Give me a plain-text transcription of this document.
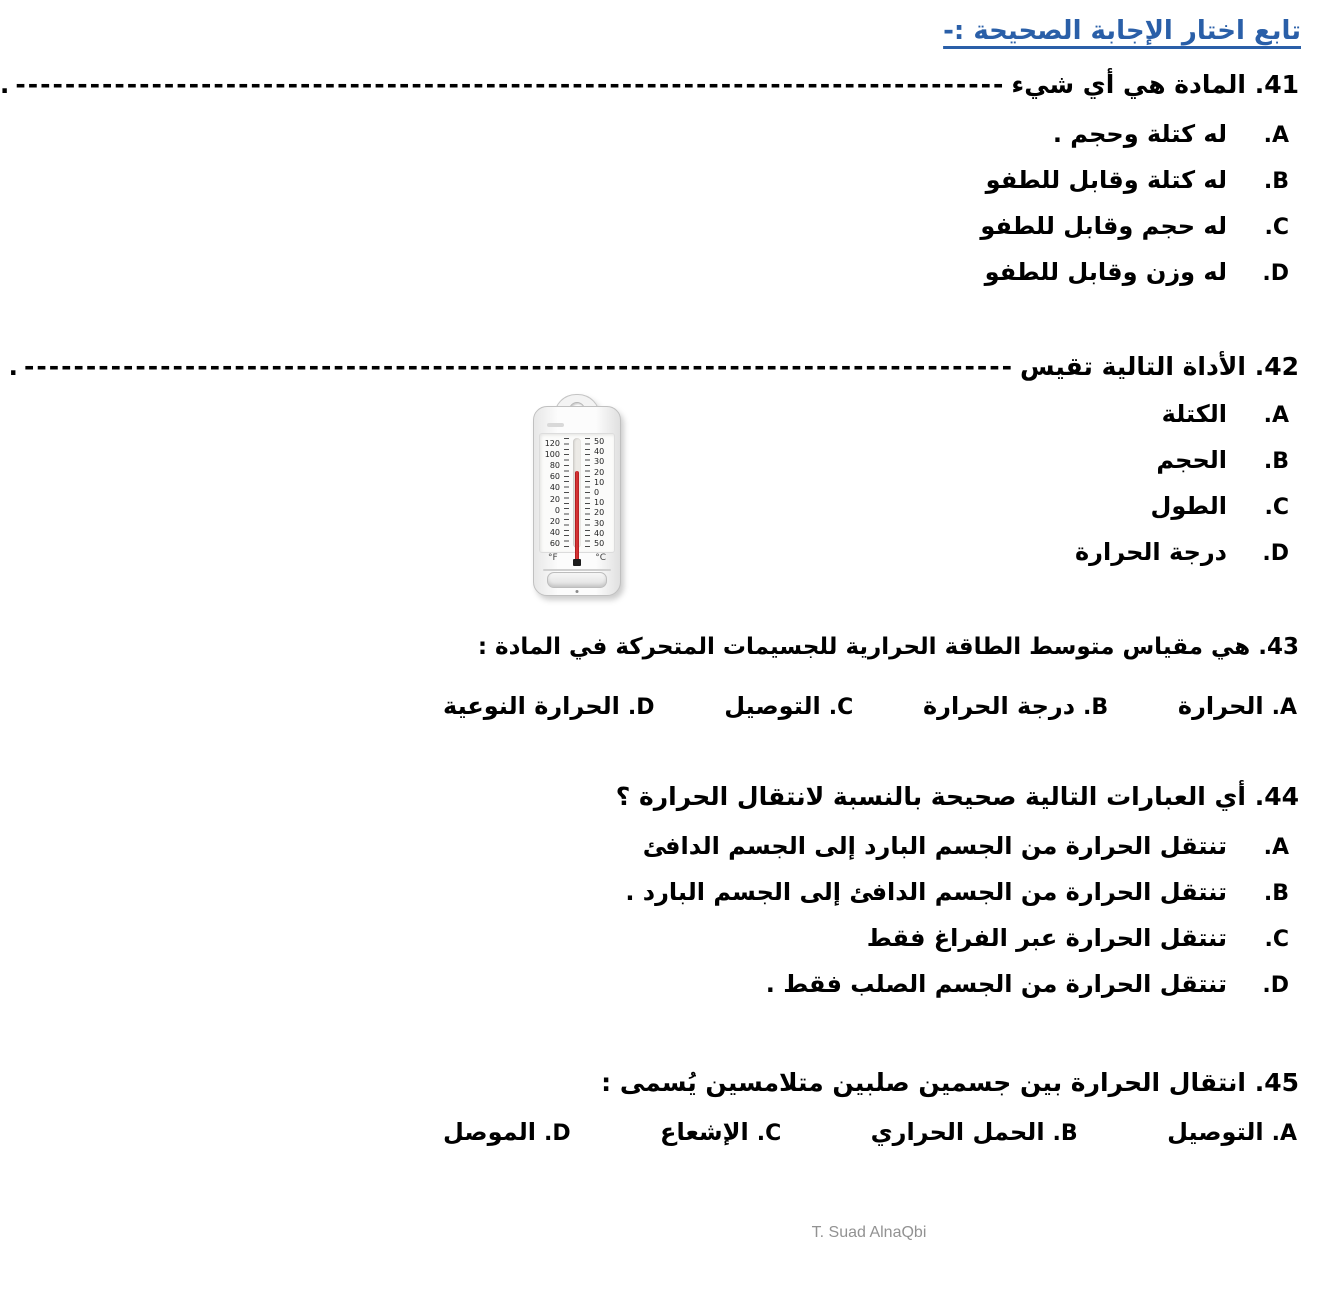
تابع اختار الإجابة الصحيحة :-
41. المادة هي أي شيء
--------------------------------------------------------------------------------
.
A.
له كتلة وحجم .
B.
له كتلة وقابل للطفو
C.
له حجم وقابل للطفو
D.
له وزن وقابل للطفو
42. الأداة التالية تقيس
--------------------------------------------------------------------------------
.
A.
الكتلة
B.
الحجم
C.
الطول
D.
درجة الحرارة
120
100
80
60
40
20
0
20
40
60
50
40
30
20
10
0
10
20
30
40
50
°F	°C
43. هي مقياس متوسط الطاقة الحرارية للجسيمات المتحركة في المادة :
A.
الحرارة
B.
درجة الحرارة
C.
التوصيل
D.
الحرارة النوعية
44. أي العبارات التالية صحيحة بالنسبة لانتقال الحرارة ؟
A.
تنتقل الحرارة من الجسم البارد إلى الجسم الدافئ
B.
تنتقل الحرارة من الجسم الدافئ إلى الجسم البارد .
C.
تنتقل الحرارة عبر الفراغ فقط
D.
تنتقل الحرارة من الجسم الصلب فقط .
45. انتقال الحرارة بين جسمين صلبين متلامسين يُسمى :
A.
التوصيل
B.
الحمل الحراري
C.
الإشعاع
D.
الموصل
T. Suad AlnaQbi
